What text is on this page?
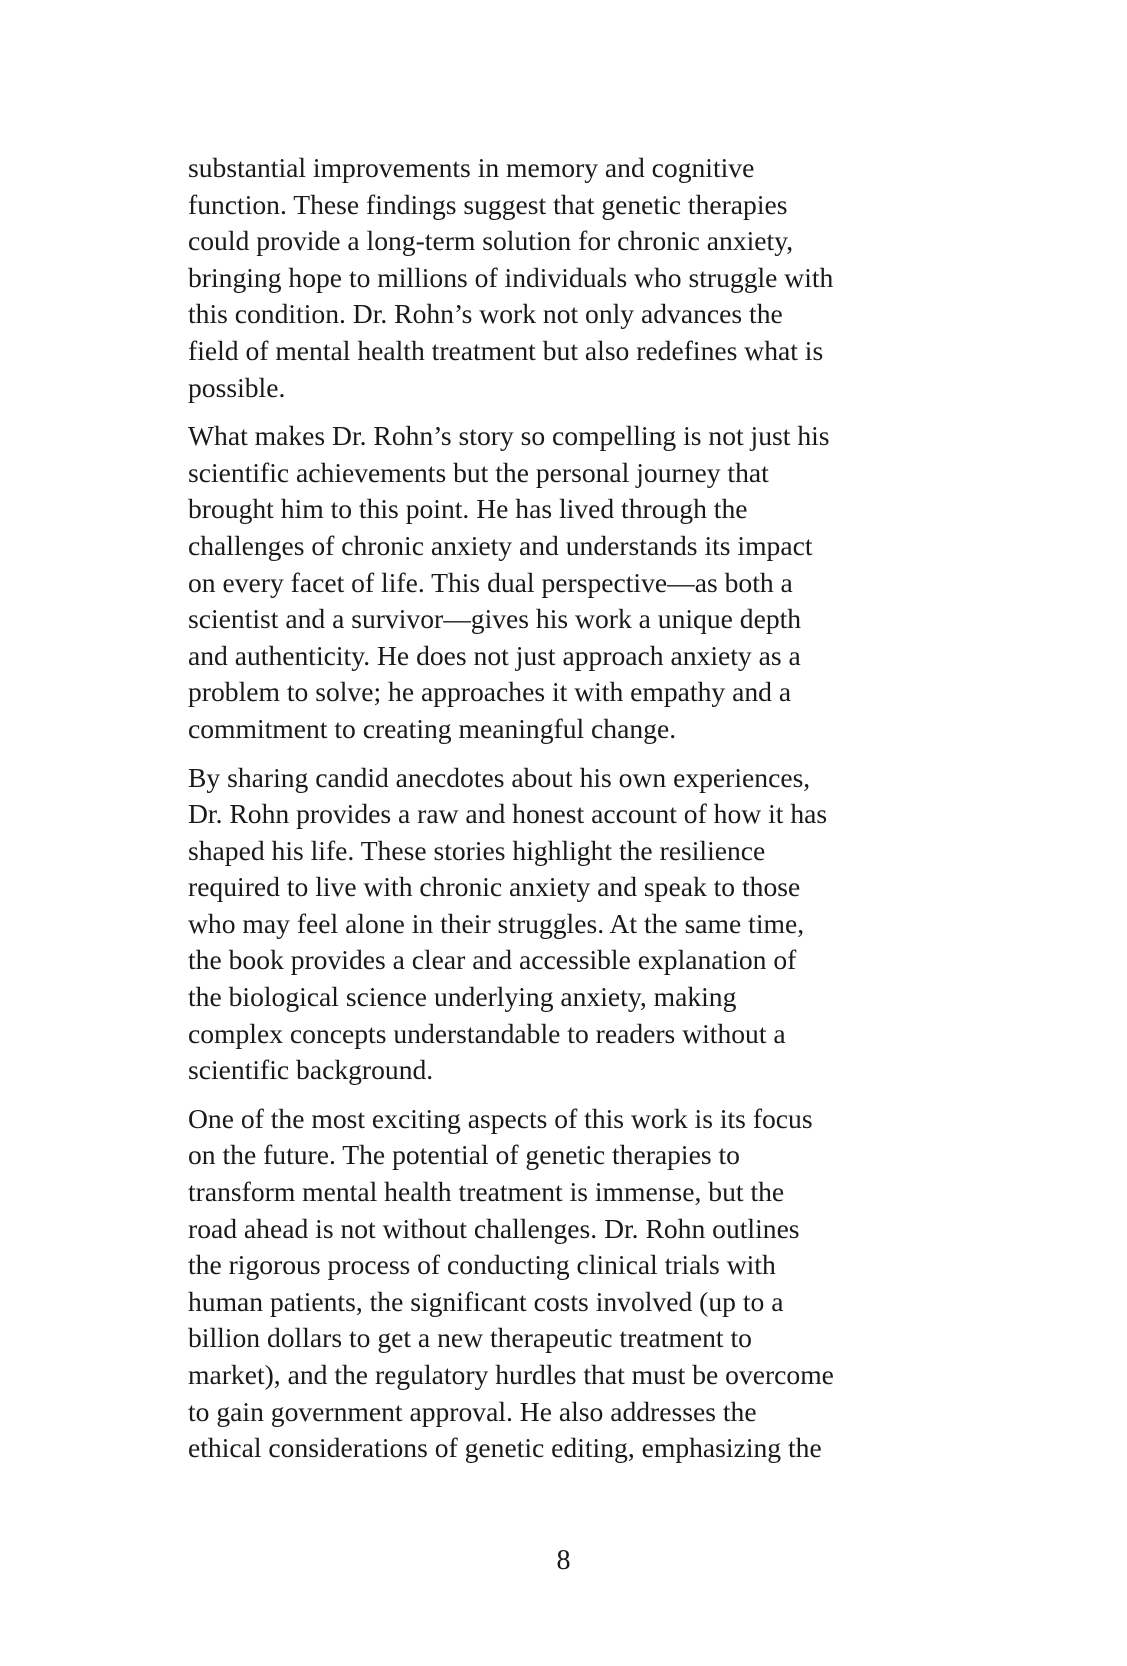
substantial improvements in memory and cognitive
function. These findings suggest that genetic therapies
could provide a long-term solution for chronic anxiety,
bringing hope to millions of individuals who struggle with
this condition. Dr. Rohn’s work not only advances the
field of mental health treatment but also redefines what is
possible.

What makes Dr. Rohn’s story so compelling is not just his
scientific achievements but the personal journey that
brought him to this point. He has lived through the
challenges of chronic anxiety and understands its impact
on every facet of life. This dual perspective—as both a
scientist and a survivor—gives his work a unique depth
and authenticity. He does not just approach anxiety as a
problem to solve; he approaches it with empathy and a
commitment to creating meaningful change.

By sharing candid anecdotes about his own experiences,
Dr. Rohn provides a raw and honest account of how it has
shaped his life. These stories highlight the resilience
required to live with chronic anxiety and speak to those
who may feel alone in their struggles. At the same time,
the book provides a clear and accessible explanation of
the biological science underlying anxiety, making
complex concepts understandable to readers without a
scientific background.

One of the most exciting aspects of this work is its focus
on the future. The potential of genetic therapies to
transform mental health treatment is immense, but the
road ahead is not without challenges. Dr. Rohn outlines
the rigorous process of conducting clinical trials with
human patients, the significant costs involved (up to a
billion dollars to get a new therapeutic treatment to
market), and the regulatory hurdles that must be overcome
to gain government approval. He also addresses the
ethical considerations of genetic editing, emphasizing the

8
